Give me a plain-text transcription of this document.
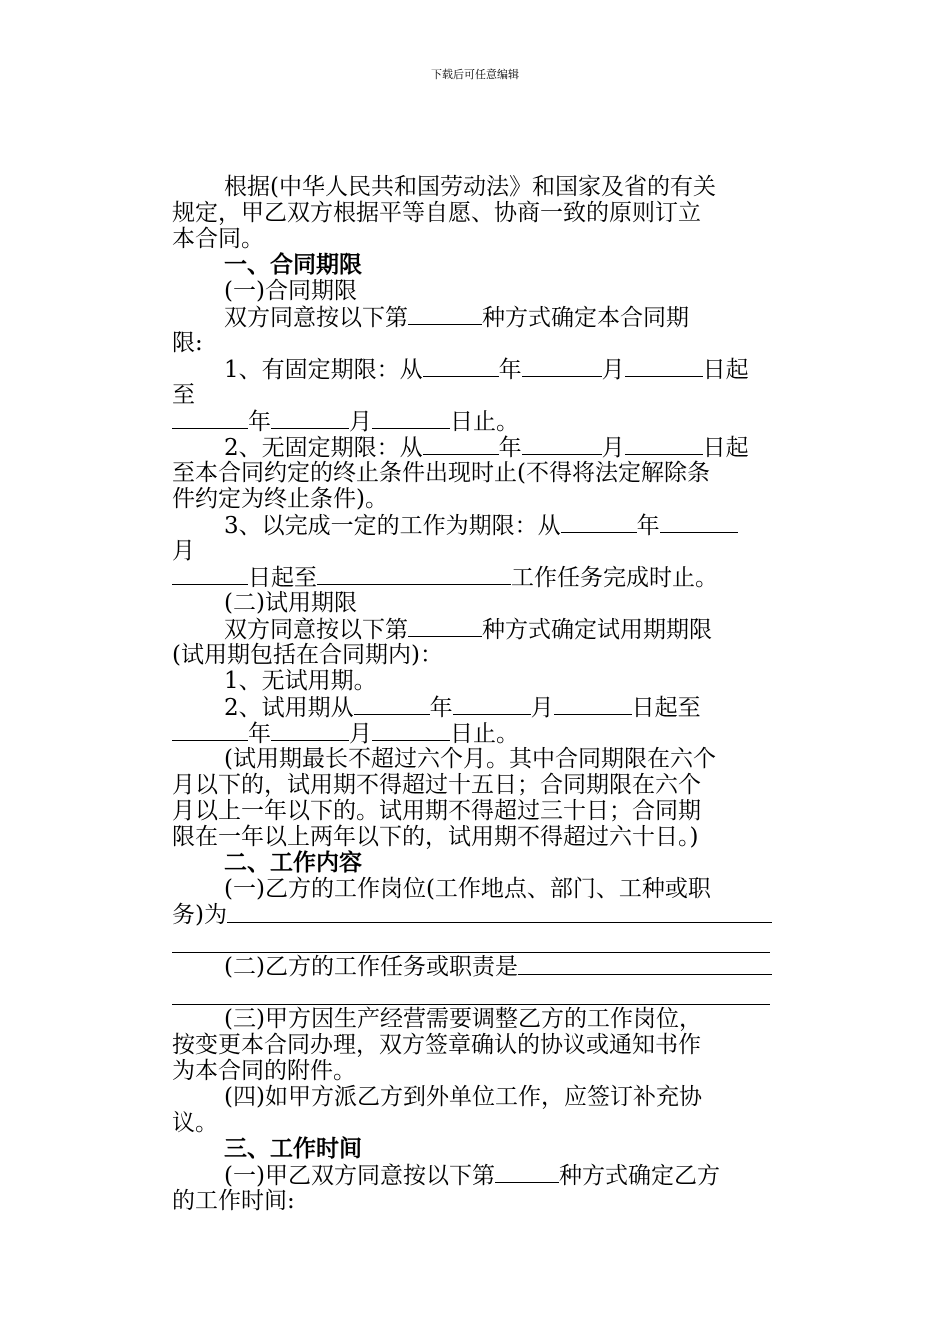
下载后可任意编辑
根据(中华人民共和国劳动法》和国家及省的有关
规定，甲乙双方根据平等自愿、协商一致的原则订立
本合同。
一、合同期限
(一)合同期限
双方同意按以下第	种方式确定本合同期
限:
1、有固定期限：从	年	月	日起
至
年	月	日止。
2、无固定期限：从	年	月	日起
至本合同约定的终止条件出现时止(不得将法定解除条
件约定为终止条件)。
3、以完成一定的工作为期限：从	年
月
日起至	工作任务完成时止。
(二)试用期限
双方同意按以下第	种方式确定试用期期限
(试用期包括在合同期内)：
1、无试用期。
2、试用期从	年	月	日起至
年	月	日止。
(试用期最长不超过六个月。其中合同期限在六个
月以下的，试用期不得超过十五日；合同期限在六个
月以上一年以下的。试用期不得超过三十日；合同期
限在一年以上两年以下的，试用期不得超过六十日。)
二、工作内容
(一)乙方的工作岗位(工作地点、部门、工种或职
务)为
(二)乙方的工作任务或职责是
(三)甲方因生产经营需要调整乙方的工作岗位，
按变更本合同办理，双方签章确认的协议或通知书作
为本合同的附件。
(四)如甲方派乙方到外单位工作，应签订补充协
议。
三、工作时间
(一)甲乙双方同意按以下第	种方式确定乙方
的工作时间:
